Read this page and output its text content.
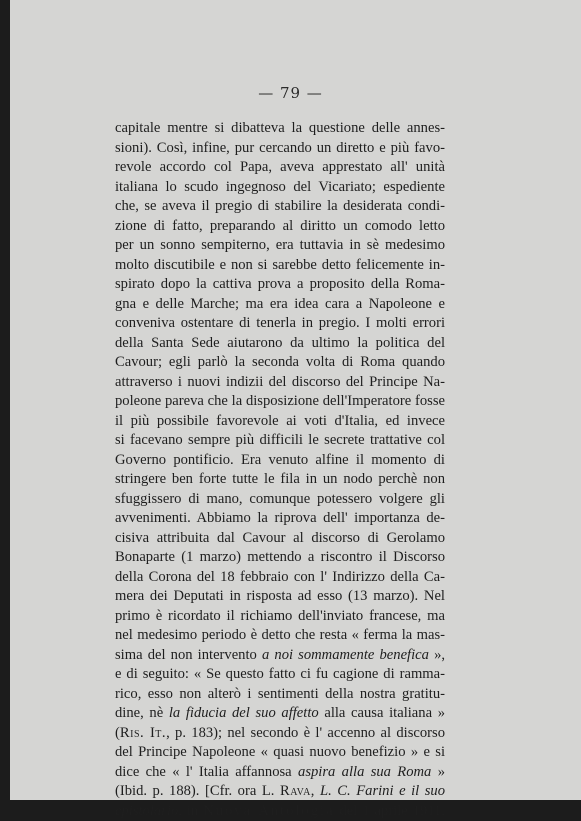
— 79 —
capitale mentre si dibatteva la questione delle annes-
sioni). Così, infine, pur cercando un diretto e più favo-
revole accordo col Papa, aveva apprestato all' unità
italiana lo scudo ingegnoso del Vicariato; espediente
che, se aveva il pregio di stabilire la desiderata condi-
zione di fatto, preparando al diritto un comodo letto
per un sonno sempiterno, era tuttavia in sè medesimo
molto discutibile e non si sarebbe detto felicemente in-
spirato dopo la cattiva prova a proposito della Roma-
gna e delle Marche; ma era idea cara a Napoleone e
conveniva ostentare di tenerla in pregio. I molti errori
della Santa Sede aiutarono da ultimo la politica del
Cavour; egli parlò la seconda volta di Roma quando
attraverso i nuovi indizii del discorso del Principe Na-
poleone pareva che la disposizione dell'Imperatore fosse
il più possibile favorevole ai voti d'Italia, ed invece
si facevano sempre più difficili le secrete trattative col
Governo pontificio. Era venuto alfine il momento di
stringere ben forte tutte le fila in un nodo perchè non
sfuggissero di mano, comunque potessero volgere gli
avvenimenti. Abbiamo la riprova dell' importanza de-
cisiva attribuita dal Cavour al discorso di Gerolamo
Bonaparte (1 marzo) mettendo a riscontro il Discorso
della Corona del 18 febbraio con l' Indirizzo della Ca-
mera dei Deputati in risposta ad esso (13 marzo). Nel
primo è ricordato il richiamo dell'inviato francese, ma
nel medesimo periodo è detto che resta « ferma la mas-
sima del non intervento a noi sommamente benefica »,
e di seguito: « Se questo fatto ci fu cagione di ramma-
rico, esso non alterò i sentimenti della nostra gratitu-
dine, nè la fiducia del suo affetto alla causa italiana »
(Ris. It., p. 183); nel secondo è l' accenno al discorso
del Principe Napoleone « quasi nuovo benefizio » e si
dice che « l' Italia affannosa aspira alla sua Roma »
(Ibid. p. 188). [Cfr. ora L. Rava, L. C. Farini e il suo
epistolario, in Nuova Antologia del 1 aprile 1911,
